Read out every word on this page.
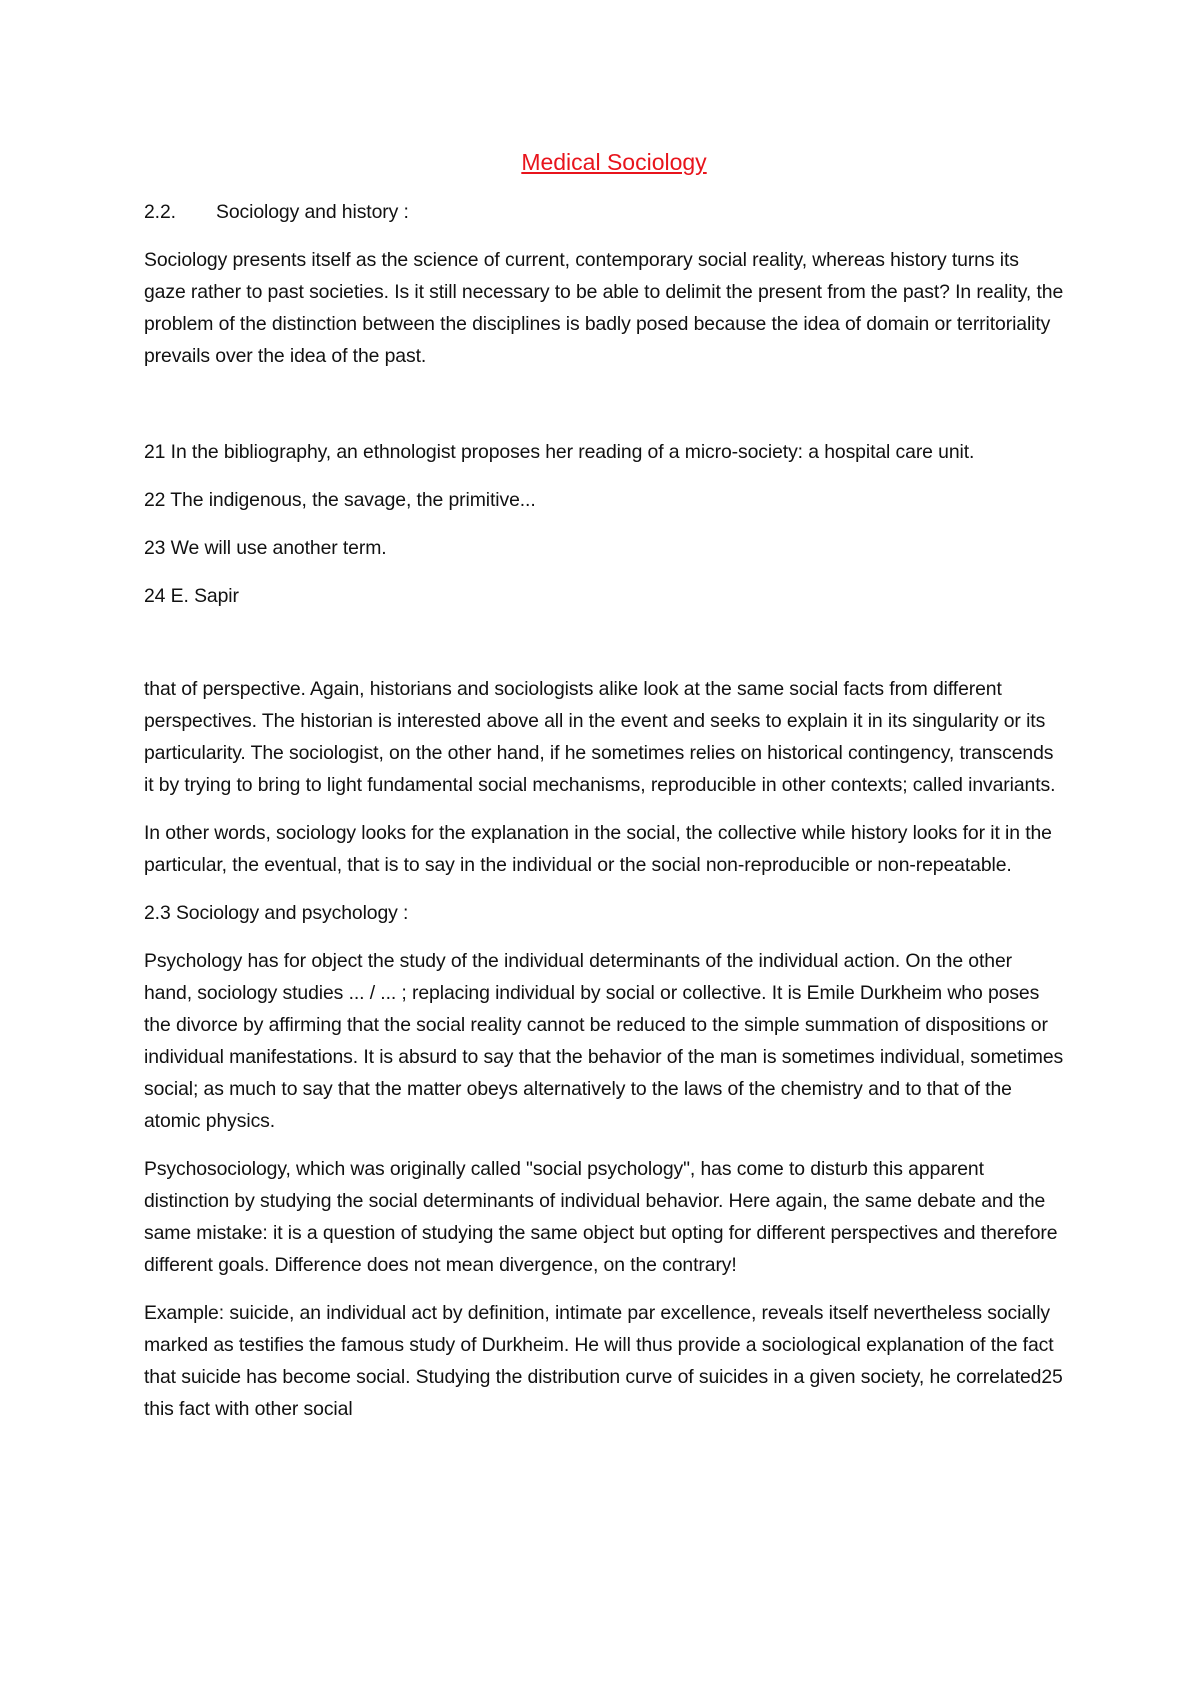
Medical Sociology

2.2. Sociology and history :

Sociology presents itself as the science of current, contemporary social reality, whereas history turns its gaze rather to past societies. Is it still necessary to be able to delimit the present from the past? In reality, the problem of the distinction between the disciplines is badly posed because the idea of domain or territoriality prevails over the idea of the past.

21 In the bibliography, an ethnologist proposes her reading of a micro-society: a hospital care unit.

22 The indigenous, the savage, the primitive...

23 We will use another term.

24 E. Sapir

that of perspective. Again, historians and sociologists alike look at the same social facts from different perspectives. The historian is interested above all in the event and seeks to explain it in its singularity or its particularity. The sociologist, on the other hand, if he sometimes relies on historical contingency, transcends it by trying to bring to light fundamental social mechanisms, reproducible in other contexts; called invariants.

In other words, sociology looks for the explanation in the social, the collective while history looks for it in the particular, the eventual, that is to say in the individual or the social non-reproducible or non-repeatable.

2.3 Sociology and psychology :

Psychology has for object the study of the individual determinants of the individual action. On the other hand, sociology studies ... / ... ; replacing individual by social or collective. It is Emile Durkheim who poses the divorce by affirming that the social reality cannot be reduced to the simple summation of dispositions or individual manifestations. It is absurd to say that the behavior of the man is sometimes individual, sometimes social; as much to say that the matter obeys alternatively to the laws of the chemistry and to that of the atomic physics.

Psychosociology, which was originally called "social psychology", has come to disturb this apparent distinction by studying the social determinants of individual behavior. Here again, the same debate and the same mistake: it is a question of studying the same object but opting for different perspectives and therefore different goals. Difference does not mean divergence, on the contrary!

Example: suicide, an individual act by definition, intimate par excellence, reveals itself nevertheless socially marked as testifies the famous study of Durkheim. He will thus provide a sociological explanation of the fact that suicide has become social. Studying the distribution curve of suicides in a given society, he correlated25 this fact with other social
